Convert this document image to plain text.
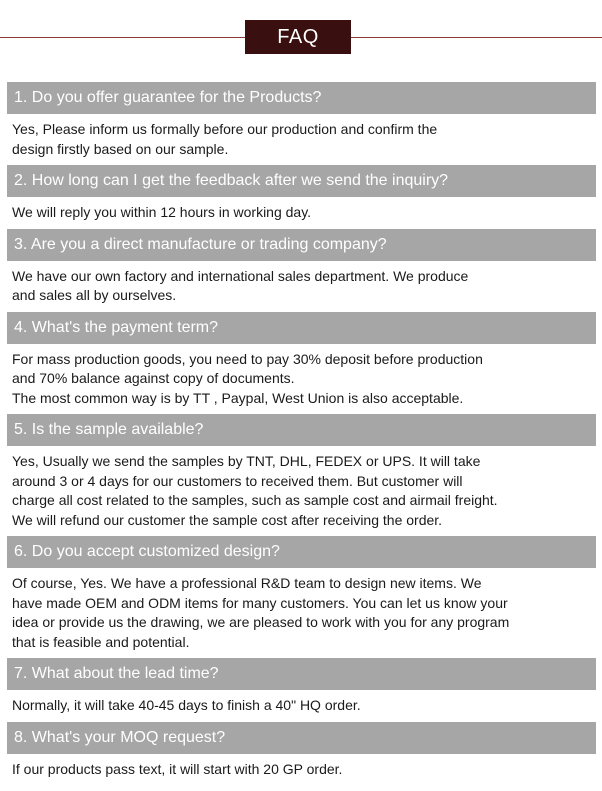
FAQ
1. Do you offer guarantee for the Products?
Yes, Please inform us formally before our production and confirm the
design firstly based on our sample.
2. How long can I get the feedback after we send the inquiry?
We will reply you within 12 hours in working day.
3. Are you a direct manufacture or trading company?
We have our own factory and international sales department. We produce
and sales all by ourselves.
4. What's the payment term?
For mass production goods, you need to pay 30% deposit before production
and 70% balance against copy of documents.
The most common way is by TT , Paypal, West Union is also acceptable.
5. Is the sample available?
Yes, Usually we send the samples by TNT, DHL, FEDEX or UPS. It will take
around 3 or 4 days for our customers to received them. But customer will
charge all cost related to the samples, such as sample cost and airmail freight.
We will refund our customer the sample cost after receiving the order.
6. Do you accept customized design?
Of course, Yes. We have a professional R&D team to design new items. We
have made OEM and ODM items for many customers. You can let us know your
idea or provide us the drawing, we are pleased to work with you for any program
that is feasible and potential.
7. What about the lead time?
Normally, it will take 40-45 days to finish a 40" HQ order.
8. What's your MOQ request?
If our products pass text, it will start with 20 GP order.
